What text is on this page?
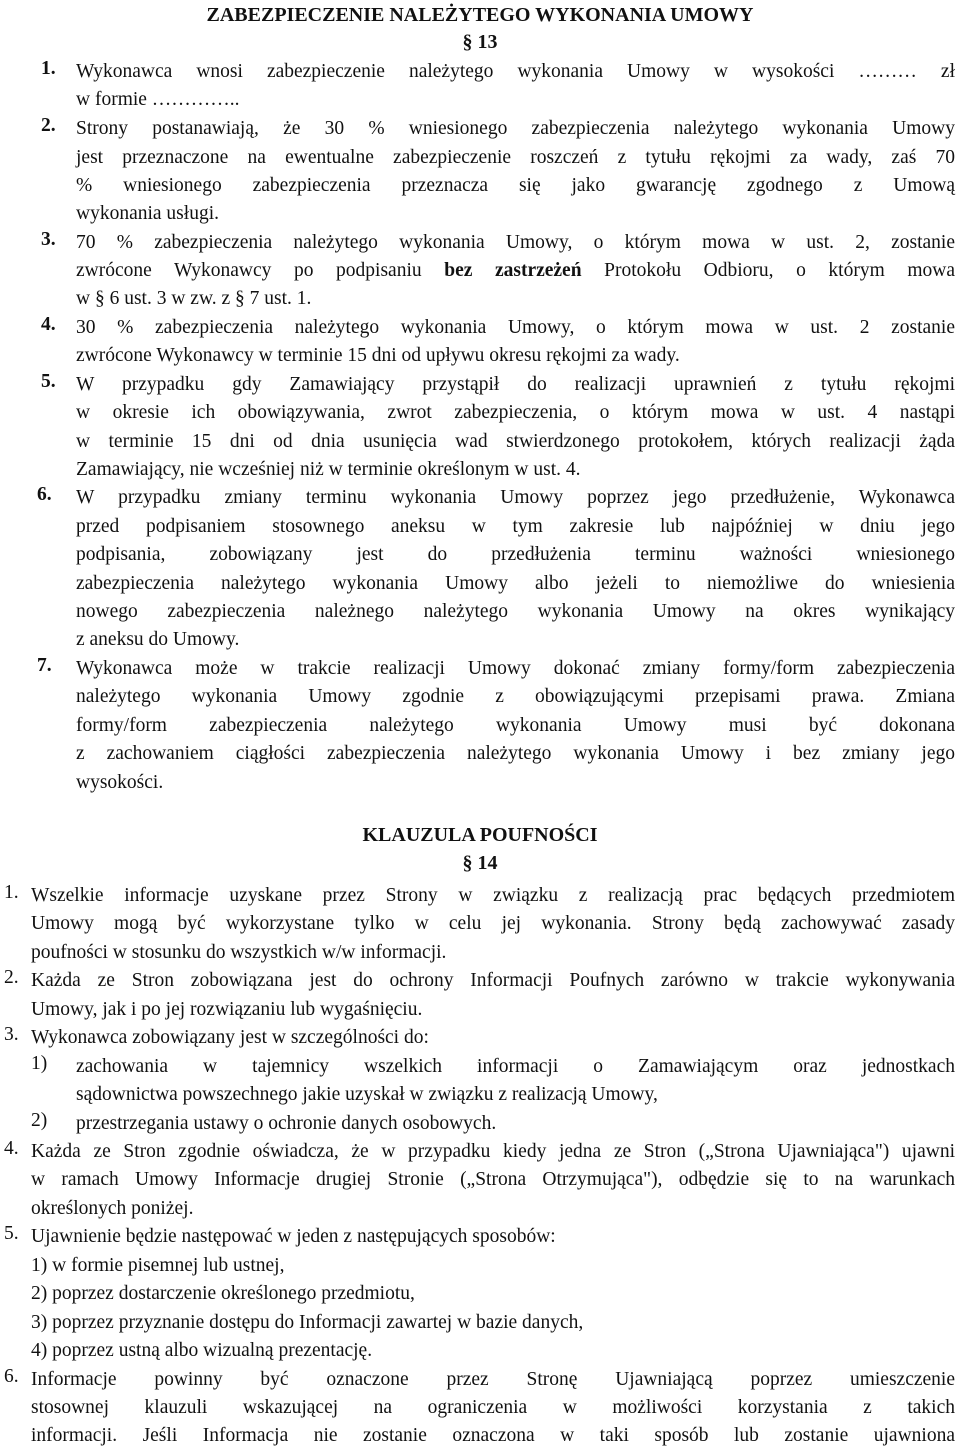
ZABEZPIECZENIE NALEŻYTEGO WYKONANIA UMOWY
§ 13
1. Wykonawca wnosi zabezpieczenie należytego wykonania Umowy w wysokości ……… zł
w formie …………..
2. Strony postanawiają, że 30 % wniesionego zabezpieczenia należytego wykonania Umowy
jest przeznaczone na ewentualne zabezpieczenie roszczeń z tytułu rękojmi za wady, zaś 70
% wniesionego zabezpieczenia przeznacza się jako gwarancję zgodnego z Umową
wykonania usługi.
3. 70 % zabezpieczenia należytego wykonania Umowy, o którym mowa w ust. 2, zostanie
zwrócone Wykonawcy po podpisaniu bez zastrzeżeń Protokołu Odbioru, o którym mowa
w § 6 ust. 3 w zw. z § 7 ust. 1.
4. 30 % zabezpieczenia należytego wykonania Umowy, o którym mowa w ust. 2 zostanie
zwrócone Wykonawcy w terminie 15 dni od upływu okresu rękojmi za wady.
5. W przypadku gdy Zamawiający przystąpił do realizacji uprawnień z tytułu rękojmi
w okresie ich obowiązywania, zwrot zabezpieczenia, o którym mowa w ust. 4 nastąpi
w terminie 15 dni od dnia usunięcia wad stwierdzonego protokołem, których realizacji żąda
Zamawiający, nie wcześniej niż w terminie określonym w ust. 4.
6. W przypadku zmiany terminu wykonania Umowy poprzez jego przedłużenie, Wykonawca
przed podpisaniem stosownego aneksu w tym zakresie lub najpóźniej w dniu jego
podpisania, zobowiązany jest do przedłużenia terminu ważności wniesionego
zabezpieczenia należytego wykonania Umowy albo jeżeli to niemożliwe do wniesienia
nowego zabezpieczenia należnego należytego wykonania Umowy na okres wynikający
z aneksu do Umowy.
7. Wykonawca może w trakcie realizacji Umowy dokonać zmiany formy/form zabezpieczenia
należytego wykonania Umowy zgodnie z obowiązującymi przepisami prawa. Zmiana
formy/form zabezpieczenia należytego wykonania Umowy musi być dokonana
z zachowaniem ciągłości zabezpieczenia należytego wykonania Umowy i bez zmiany jego
wysokości.
KLAUZULA POUFNOŚCI
§ 14
1. Wszelkie informacje uzyskane przez Strony w związku z realizacją prac będących przedmiotem
Umowy mogą być wykorzystane tylko w celu jej wykonania. Strony będą zachowywać zasady
poufności w stosunku do wszystkich w/w informacji.
2. Każda ze Stron zobowiązana jest do ochrony Informacji Poufnych zarówno w trakcie wykonywania
Umowy, jak i po jej rozwiązaniu lub wygaśnięciu.
3. Wykonawca zobowiązany jest w szczególności do:
1) zachowania w tajemnicy wszelkich informacji o Zamawiającym oraz jednostkach
sądownictwa powszechnego jakie uzyskał w związku z realizacją Umowy,
2) przestrzegania ustawy o ochronie danych osobowych.
4. Każda ze Stron zgodnie oświadcza, że w przypadku kiedy jedna ze Stron („Strona Ujawniająca") ujawni
w ramach Umowy Informacje drugiej Stronie („Strona Otrzymująca"), odbędzie się to na warunkach
określonych poniżej.
5. Ujawnienie będzie następować w jeden z następujących sposobów:
1) w formie pisemnej lub ustnej,
2) poprzez dostarczenie określonego przedmiotu,
3) poprzez przyznanie dostępu do Informacji zawartej w bazie danych,
4) poprzez ustną albo wizualną prezentację.
6. Informacje powinny być oznaczone przez Stronę Ujawniającą poprzez umieszczenie
stosownej klauzuli wskazującej na ograniczenia w możliwości korzystania z takich
informacji. Jeśli Informacja nie zostanie oznaczona w taki sposób lub zostanie ujawniona
